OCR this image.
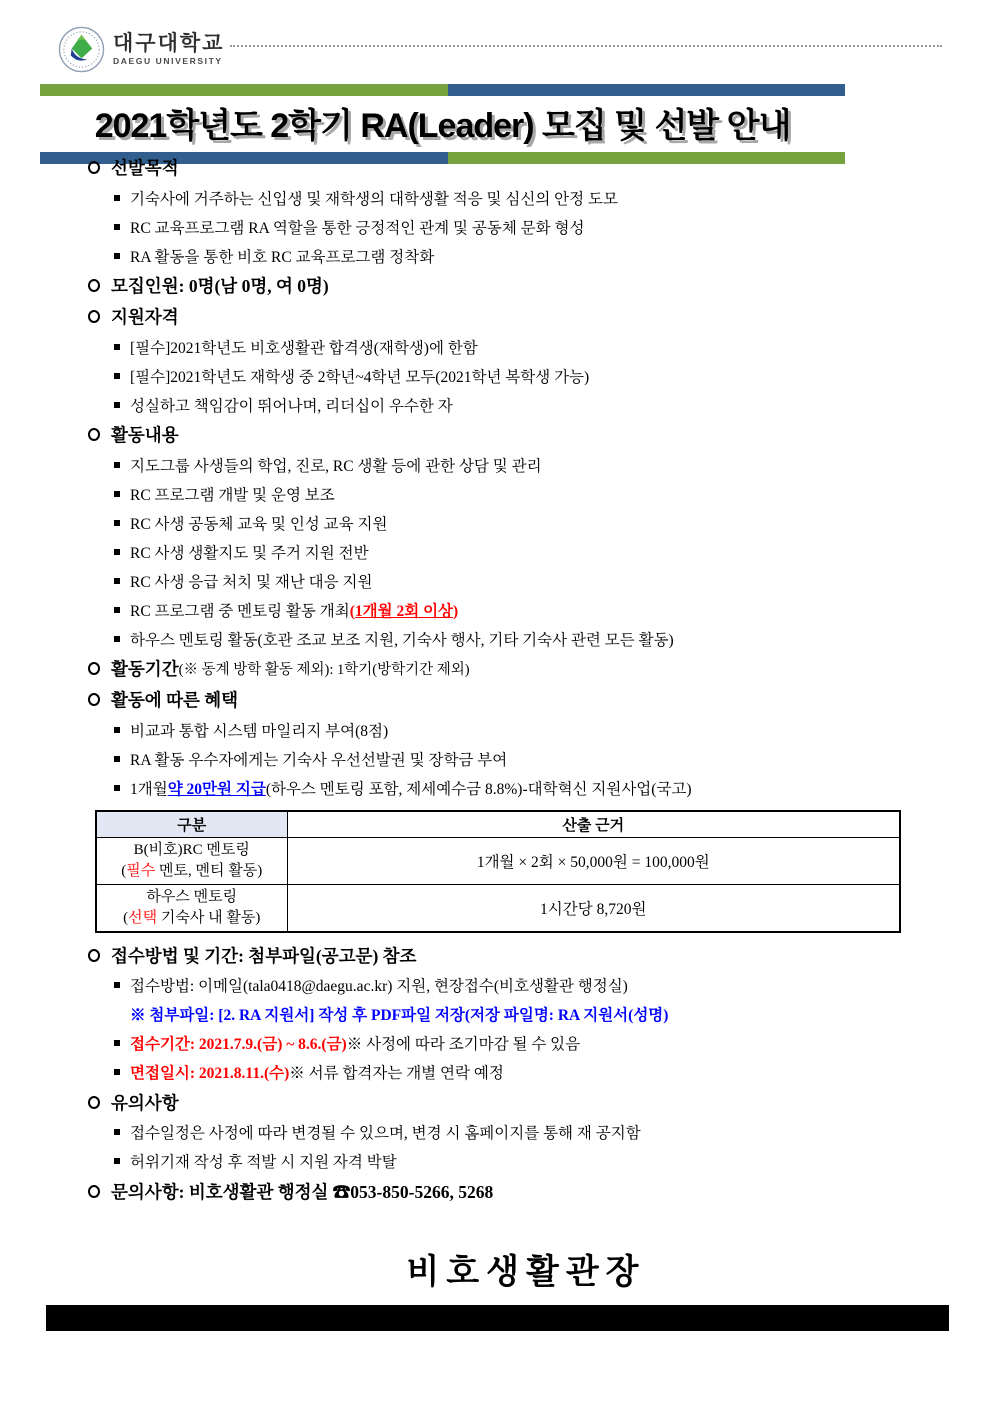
대구대학교
DAEGU UNIVERSITY
2021학년도 2학기 RA(Leader) 모집 및 선발 안내
선발목적
기숙사에 거주하는 신입생 및 재학생의 대학생활 적응 및 심신의 안정 도모
RC 교육프로그램 RA 역할을 통한 긍정적인 관계 및 공동체 문화 형성
RA 활동을 통한 비호 RC 교육프로그램 정착화
모집인원: 0명(남 0명, 여 0명)
지원자격
[필수]2021학년도 비호생활관 합격생(재학생)에 한함
[필수]2021학년도 재학생 중 2학년~4학년 모두(2021학년 복학생 가능)
성실하고 책임감이 뛰어나며, 리더십이 우수한 자
활동내용
지도그룹 사생들의 학업, 진로, RC 생활 등에 관한 상담 및 관리
RC 프로그램 개발 및 운영 보조
RC 사생 공동체 교육 및 인성 교육 지원
RC 사생 생활지도 및 주거 지원 전반
RC 사생 응급 처치 및 재난 대응 지원
RC 프로그램 중 멘토링 활동 개최 (1개월 2회 이상)
하우스 멘토링 활동(호관 조교 보조 지원, 기숙사 행사, 기타 기숙사 관련 모든 활동)
활동기간 (※ 동계 방학 활동 제외): 1학기(방학기간 제외)
활동에 따른 혜택
비교과 통합 시스템 마일리지 부여(8점)
RA 활동 우수자에게는 기숙사 우선선발권 및 장학금 부여
1개월 약 20만원 지급 (하우스 멘토링 포함, 제세예수금 8.8%)-대학혁신 지원사업(국고)
구분	산출 근거
B(비호)RC 멘토링
(필수 멘토, 멘티 활동)	1개월 × 2회 × 50,000원 = 100,000원
하우스 멘토링
(선택 기숙사 내 활동)	1시간당 8,720원
접수방법 및 기간: 첨부파일(공고문) 참조
접수방법: 이메일(tala0418@daegu.ac.kr) 지원, 현장접수(비호생활관 행정실)
※ 첨부파일: [2. RA 지원서] 작성 후 PDF파일 저장(저장 파일명: RA 지원서(성명)
접수기간: 2021.7.9.(금) ~ 8.6.(금) ※ 사정에 따라 조기마감 될 수 있음
면접일시: 2021.8.11.(수) ※ 서류 합격자는 개별 연락 예정
유의사항
접수일정은 사정에 따라 변경될 수 있으며, 변경 시 홈페이지를 통해 재 공지함
허위기재 작성 후 적발 시 지원 자격 박탈
문의사항: 비호생활관 행정실 ☎053-850-5266, 5268
비호생활관장
